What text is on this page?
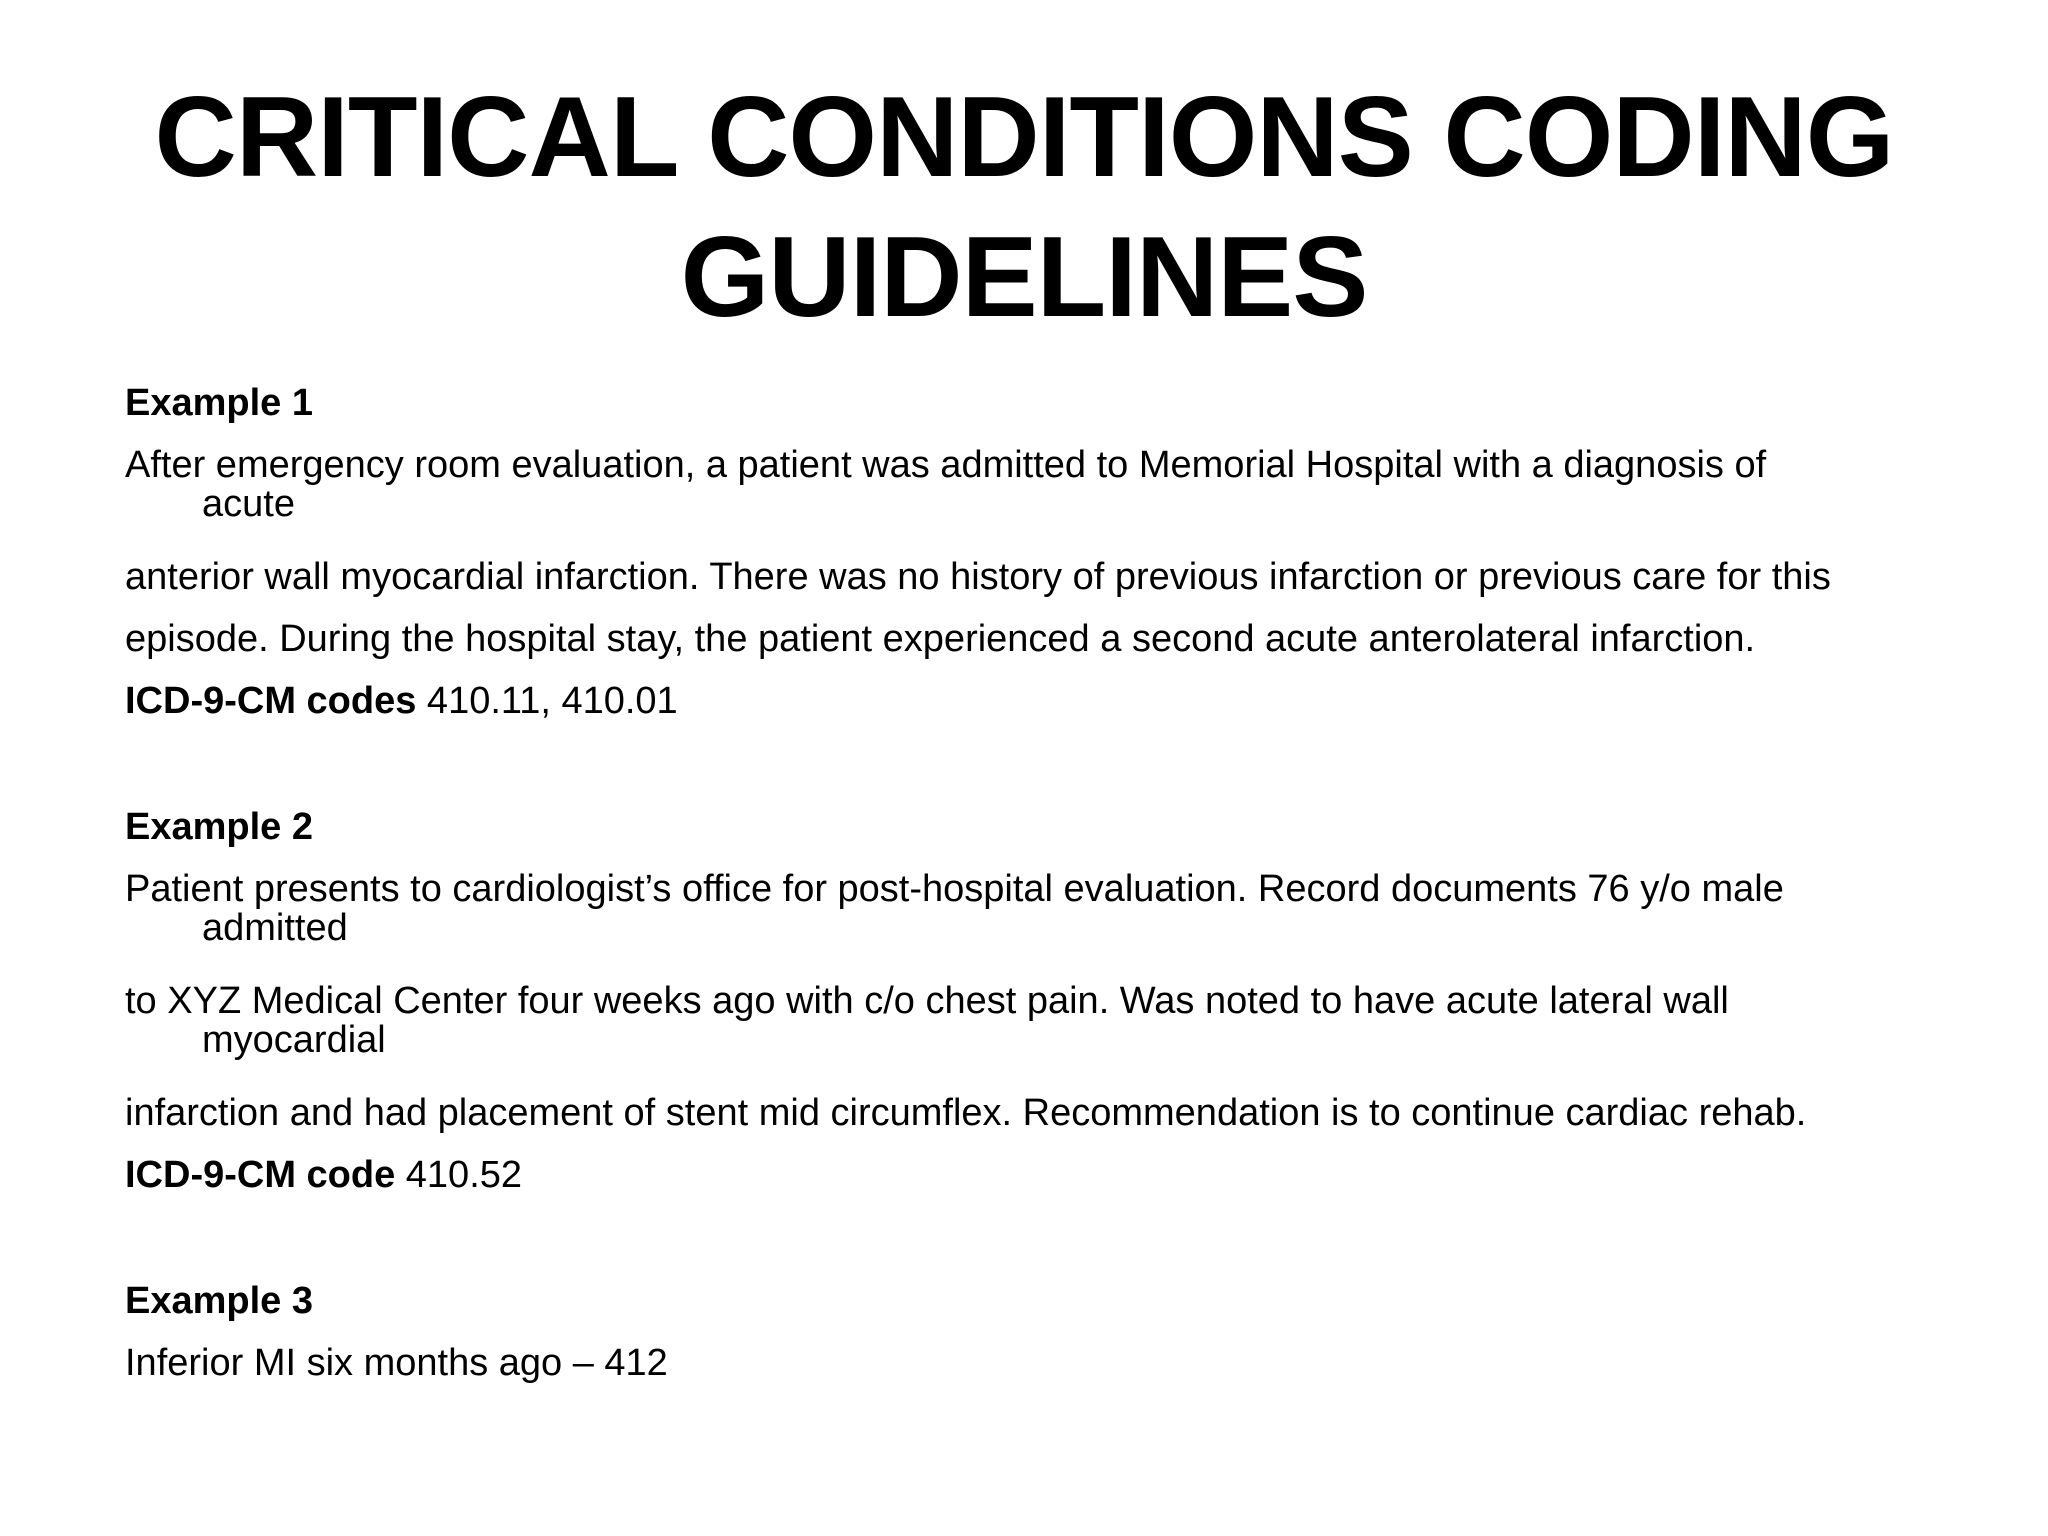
CRITICAL CONDITIONS CODING
GUIDELINES

Example 1

After emergency room evaluation, a patient was admitted to Memorial Hospital with a diagnosis of

acute

anterior wall myocardial infarction. There was no history of previous infarction or previous care for this

episode. During the hospital stay, the patient experienced a second acute anterolateral infarction.

ICD-9-CM codes 410.11, 410.01

Example 2

Patient presents to cardiologist’s office for post-hospital evaluation. Record documents 76 y/o male

admitted

to XYZ Medical Center four weeks ago with c/o chest pain. Was noted to have acute lateral wall

myocardial

infarction and had placement of stent mid circumflex. Recommendation is to continue cardiac rehab.

ICD-9-CM code 410.52

Example 3

Inferior MI six months ago – 412
